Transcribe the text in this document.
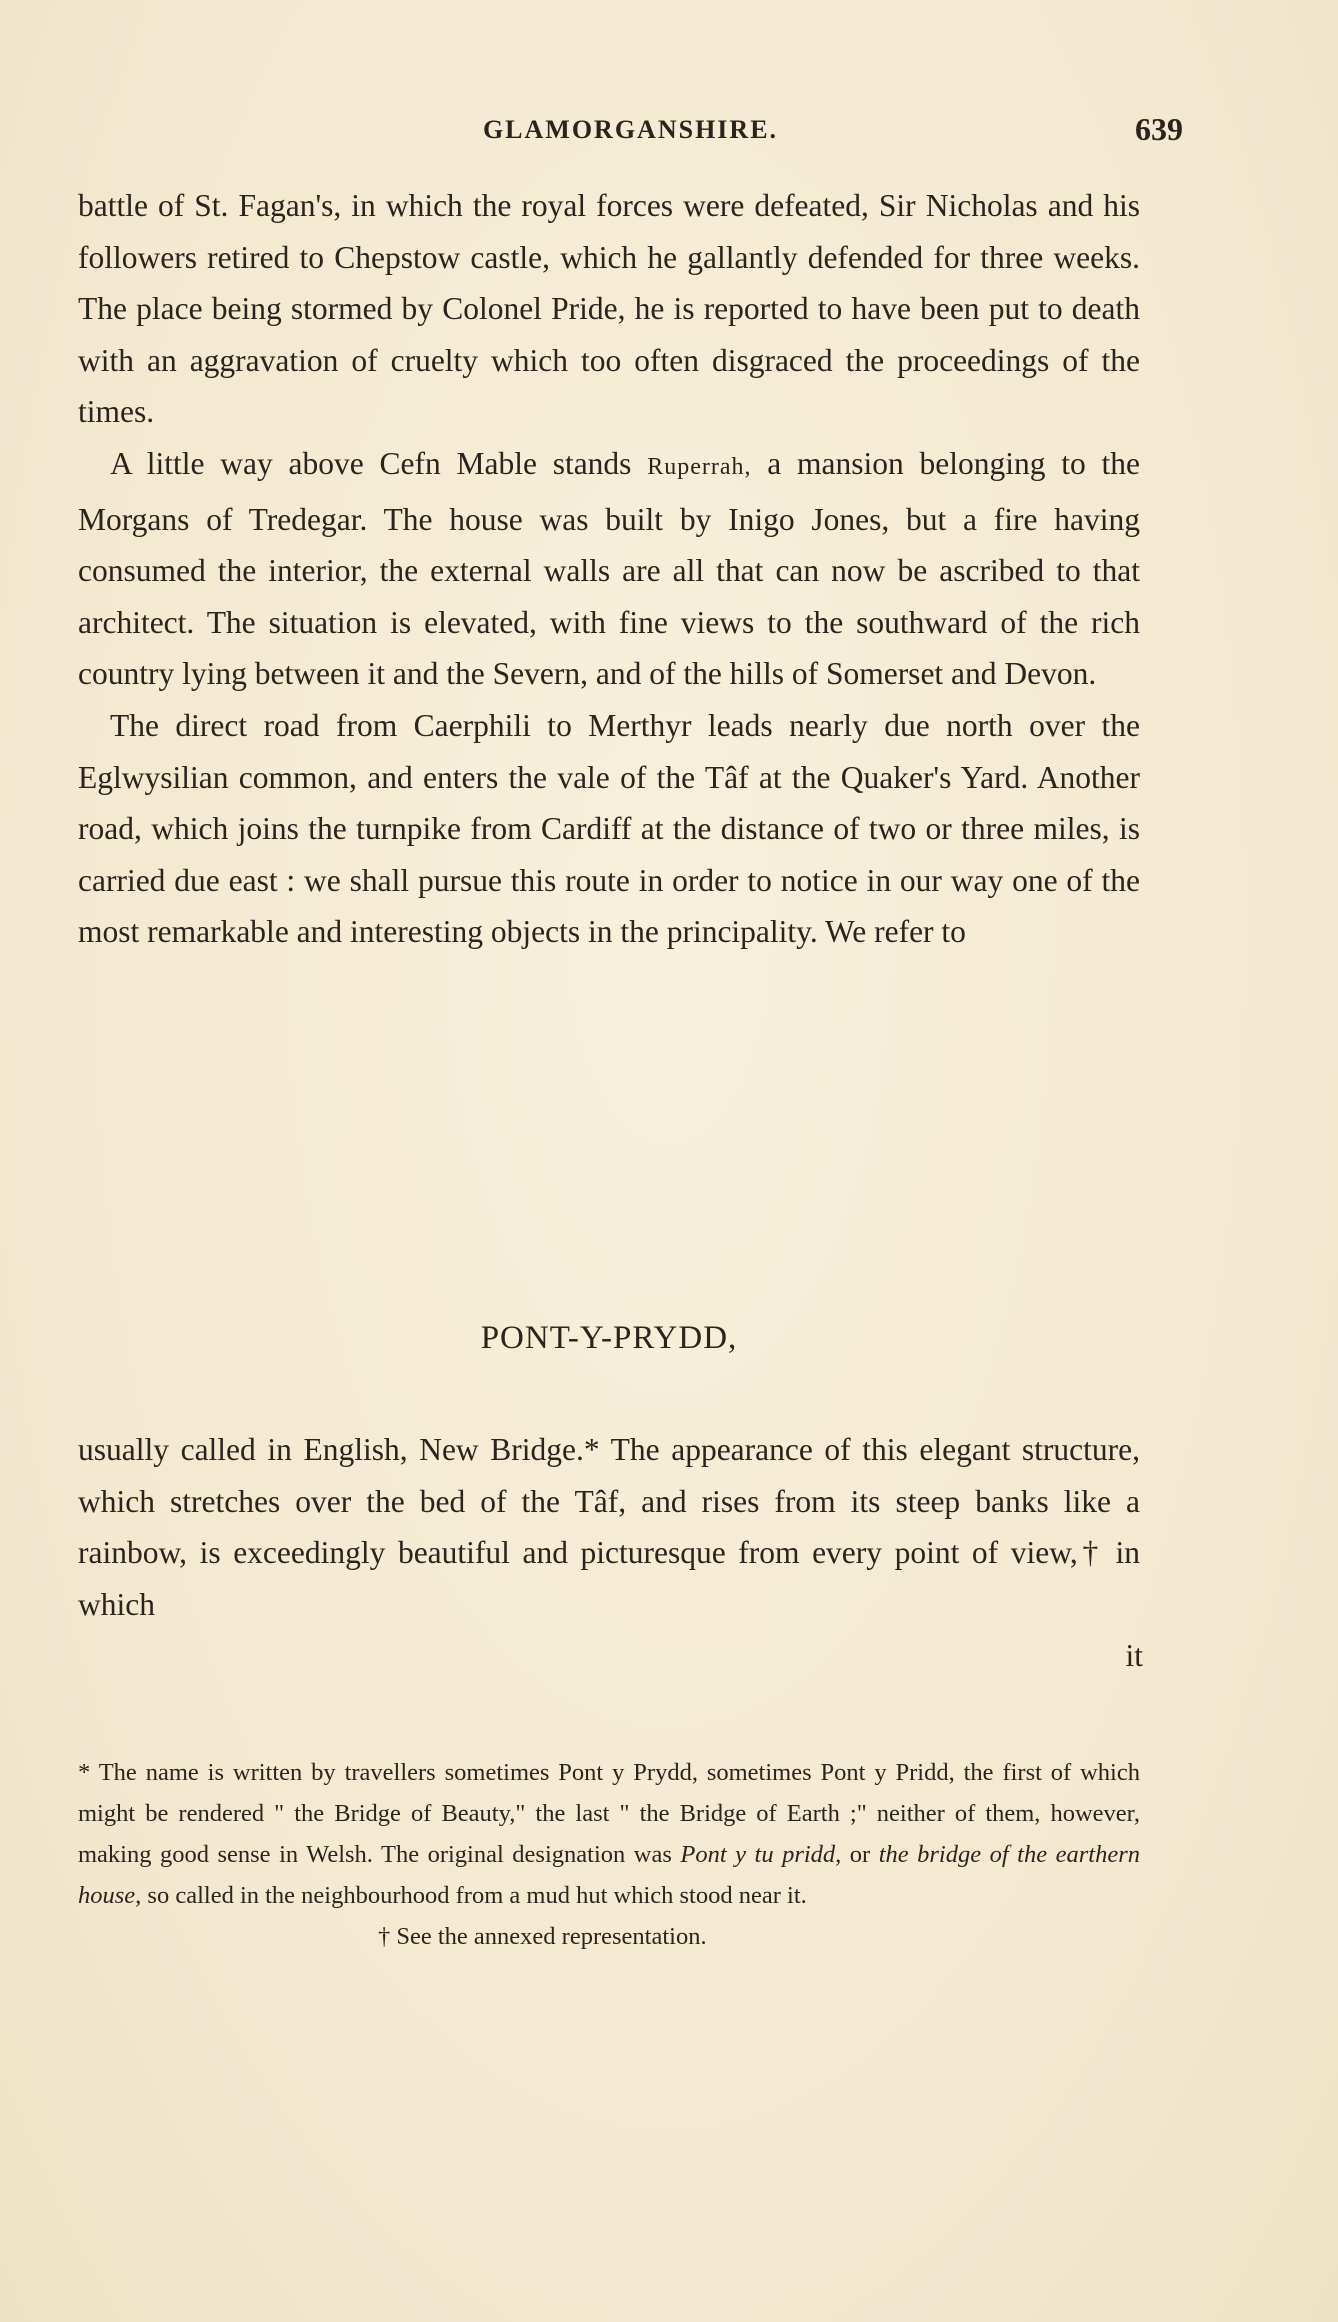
GLAMORGANSHIRE.	639

battle of St. Fagan's, in which the royal forces were defeated, Sir Nicholas and his followers retired to Chepstow castle, which he gallantly defended for three weeks. The place being stormed by Colonel Pride, he is reported to have been put to death with an aggravation of cruelty which too often disgraced the proceedings of the times.

A little way above Cefn Mable stands Ruperrah, a mansion belonging to the Morgans of Tredegar. The house was built by Inigo Jones, but a fire having consumed the interior, the external walls are all that can now be ascribed to that architect. The situation is elevated, with fine views to the southward of the rich country lying between it and the Severn, and of the hills of Somerset and Devon.

The direct road from Caerphili to Merthyr leads nearly due north over the Eglwysilian common, and enters the vale of the Tâf at the Quaker's Yard. Another road, which joins the turnpike from Cardiff at the distance of two or three miles, is carried due east : we shall pursue this route in order to notice in our way one of the most remarkable and interesting objects in the principality. We refer to

PONT-Y-PRYDD,

usually called in English, New Bridge.* The appearance of this elegant structure, which stretches over the bed of the Tâf, and rises from its steep banks like a rainbow, is exceedingly beautiful and picturesque from every point of view,† in which

it

* The name is written by travellers sometimes Pont y Prydd, sometimes Pont y Pridd, the first of which might be rendered " the Bridge of Beauty," the last " the Bridge of Earth ;" neither of them, however, making good sense in Welsh. The original designation was Pont y tu pridd, or the bridge of the earthern house, so called in the neighbourhood from a mud hut which stood near it.

† See the annexed representation.
